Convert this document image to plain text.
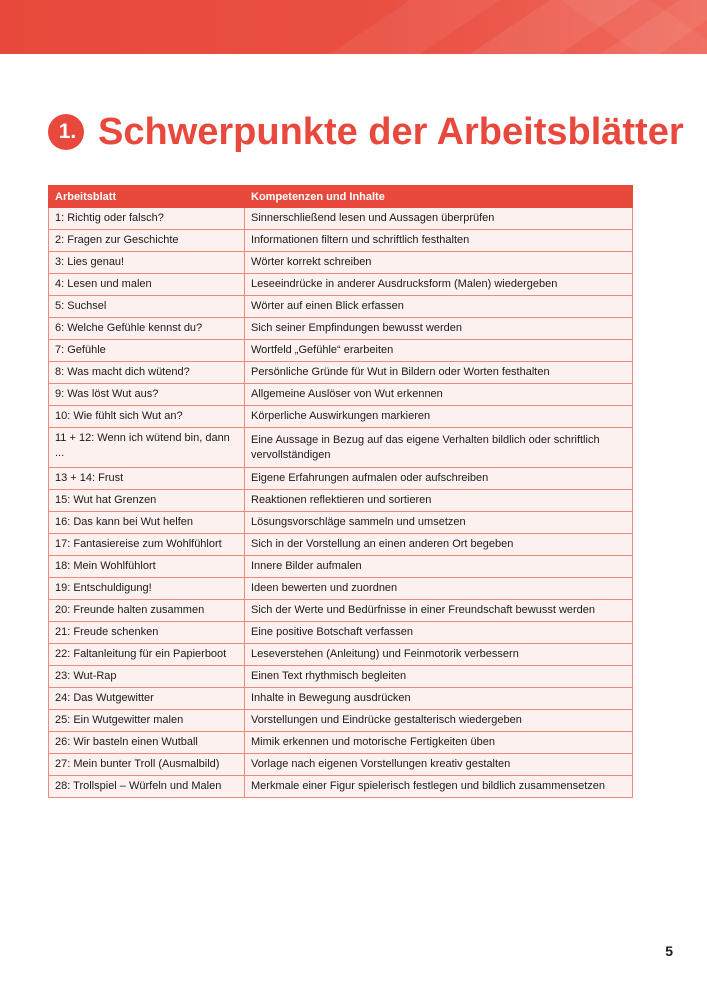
1. Schwerpunkte der Arbeitsblätter
Arbeitsblatt	Kompetenzen und Inhalte
1: Richtig oder falsch?	Sinnerschließend lesen und Aussagen überprüfen
2: Fragen zur Geschichte	Informationen filtern und schriftlich festhalten
3: Lies genau!	Wörter korrekt schreiben
4: Lesen und malen	Leseeindrücke in anderer Ausdrucksform (Malen) wiedergeben
5: Suchsel	Wörter auf einen Blick erfassen
6: Welche Gefühle kennst du?	Sich seiner Empfindungen bewusst werden
7: Gefühle	Wortfeld „Gefühle“ erarbeiten
8: Was macht dich wütend?	Persönliche Gründe für Wut in Bildern oder Worten festhalten
9: Was löst Wut aus?	Allgemeine Auslöser von Wut erkennen
10: Wie fühlt sich Wut an?	Körperliche Auswirkungen markieren
11 + 12: Wenn ich wütend bin, dann ...	Eine Aussage in Bezug auf das eigene Verhalten bildlich oder schriftlich vervollständigen
13 + 14: Frust	Eigene Erfahrungen aufmalen oder aufschreiben
15: Wut hat Grenzen	Reaktionen reflektieren und sortieren
16: Das kann bei Wut helfen	Lösungsvorschläge sammeln und umsetzen
17: Fantasiereise zum Wohlfühlort	Sich in der Vorstellung an einen anderen Ort begeben
18: Mein Wohlfühlort	Innere Bilder aufmalen
19: Entschuldigung!	Ideen bewerten und zuordnen
20: Freunde halten zusammen	Sich der Werte und Bedürfnisse in einer Freundschaft bewusst werden
21: Freude schenken	Eine positive Botschaft verfassen
22: Faltanleitung für ein Papierboot	Leseverstehen (Anleitung) und Feinmotorik verbessern
23: Wut-Rap	Einen Text rhythmisch begleiten
24: Das Wutgewitter	Inhalte in Bewegung ausdrücken
25: Ein Wutgewitter malen	Vorstellungen und Eindrücke gestalterisch wiedergeben
26: Wir basteln einen Wutball	Mimik erkennen und motorische Fertigkeiten üben
27: Mein bunter Troll (Ausmalbild)	Vorlage nach eigenen Vorstellungen kreativ gestalten
28: Trollspiel – Würfeln und Malen	Merkmale einer Figur spielerisch festlegen und bildlich zusammensetzen
5
